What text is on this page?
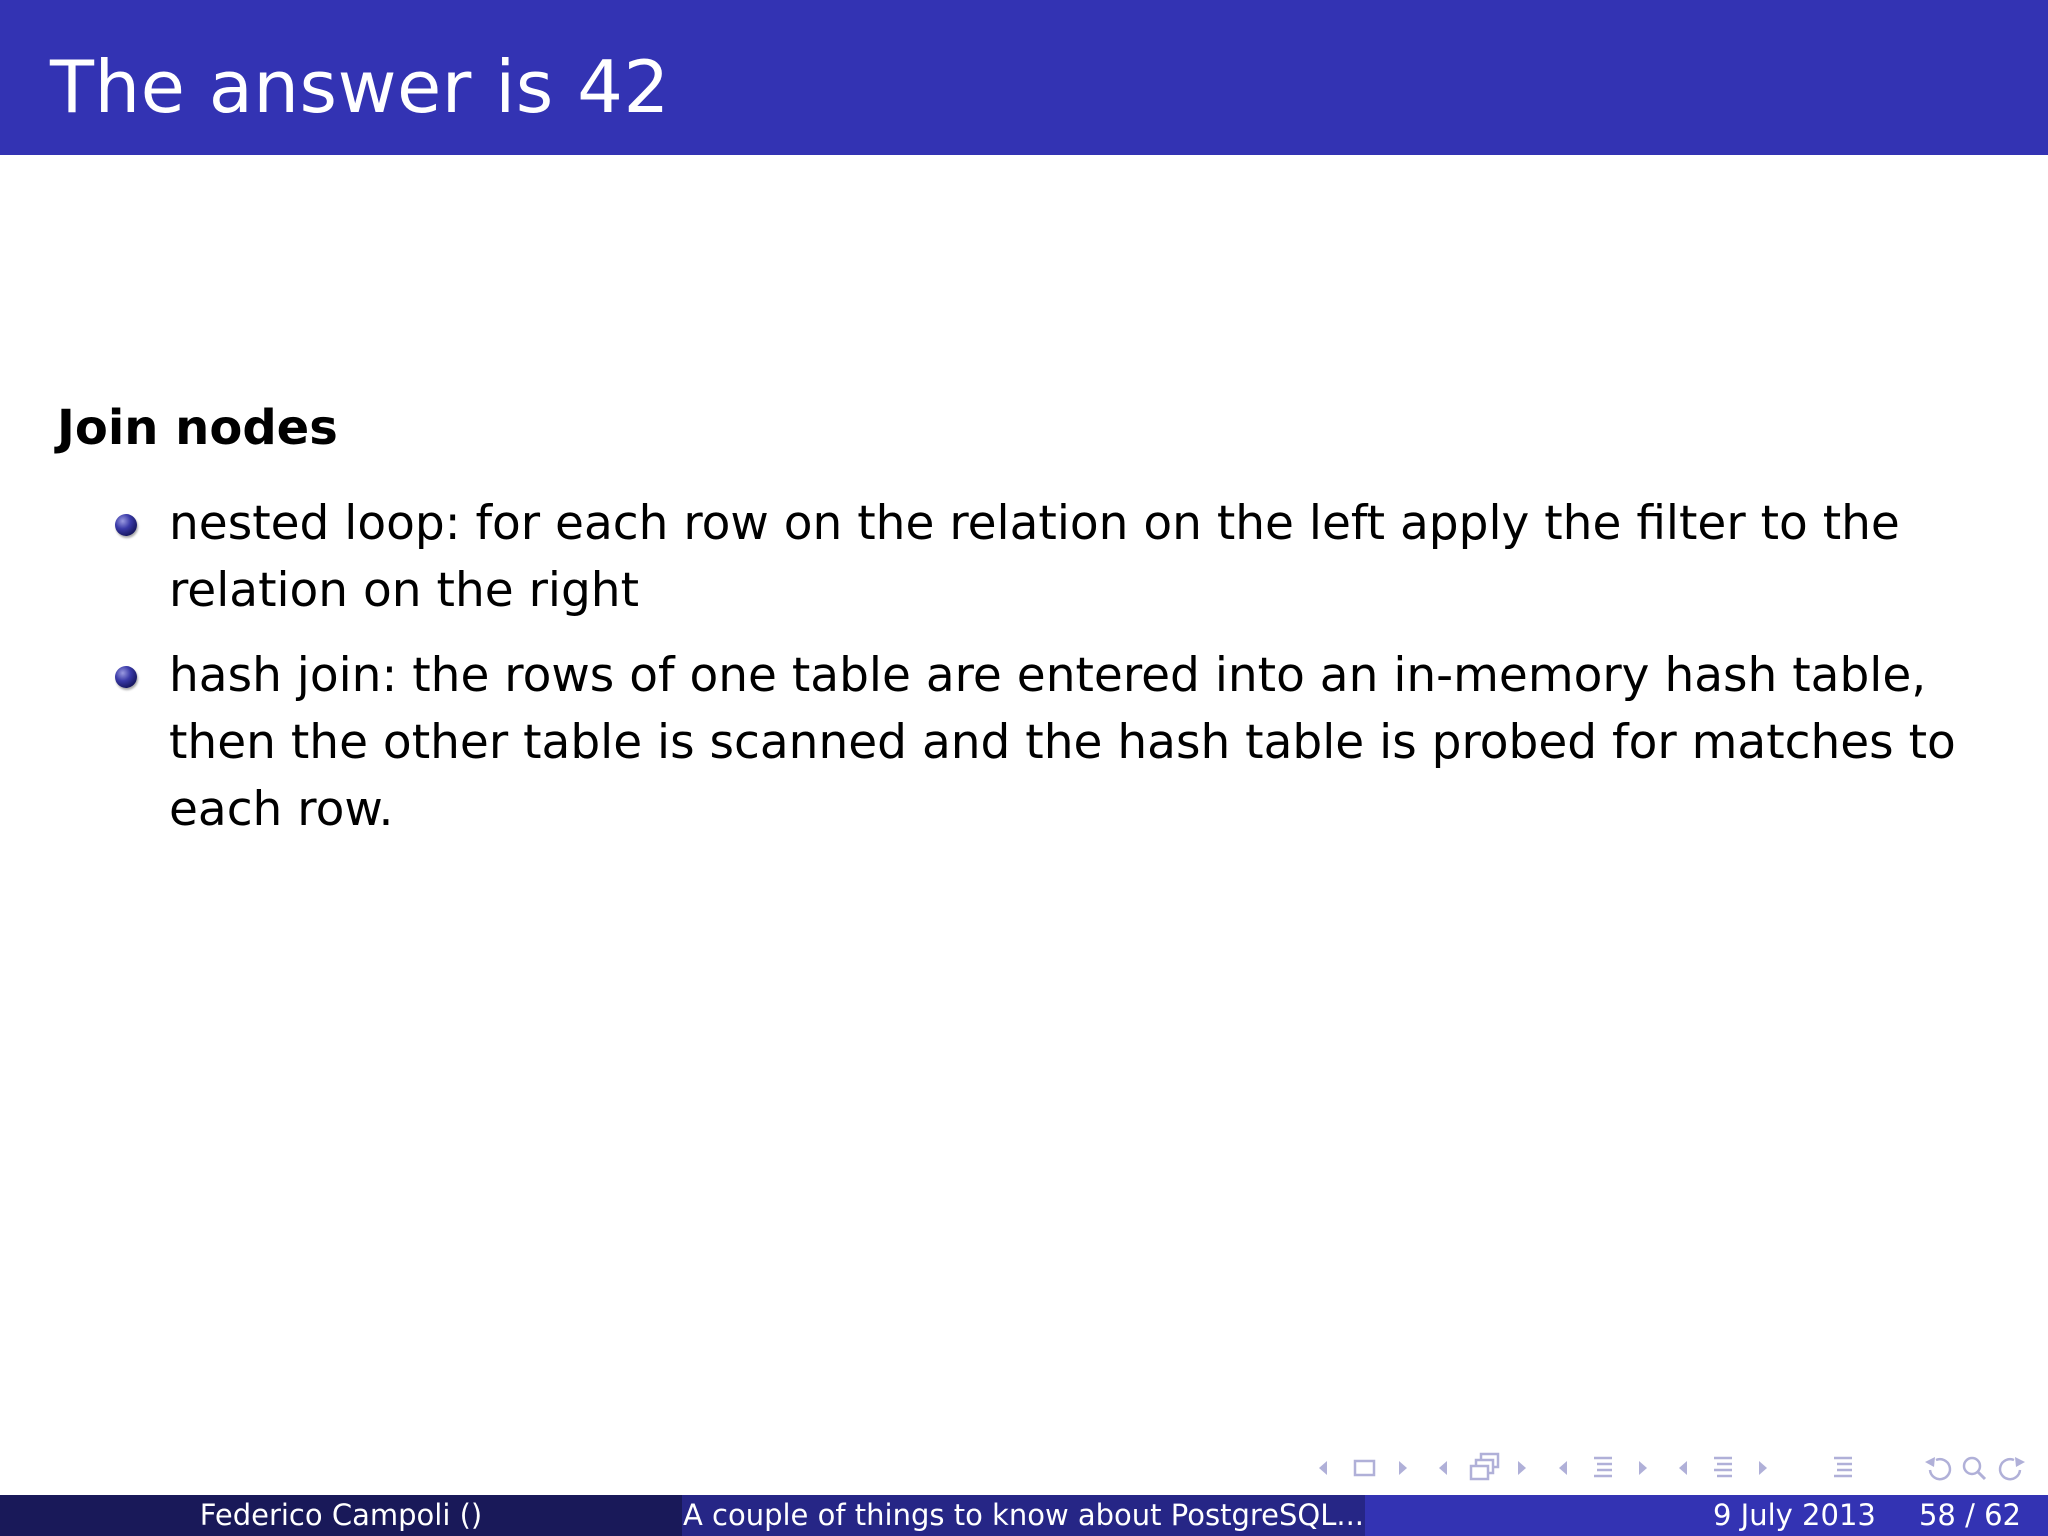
The answer is 42
Join nodes
nested loop: for each row on the relation on the left apply the filter to the
relation on the right
hash join: the rows of one table are entered into an in-memory hash table,
then the other table is scanned and the hash table is probed for matches to
each row.
Federico Campoli ()	A couple of things to know about PostgreSQL...	9 July 2013 58 / 62
